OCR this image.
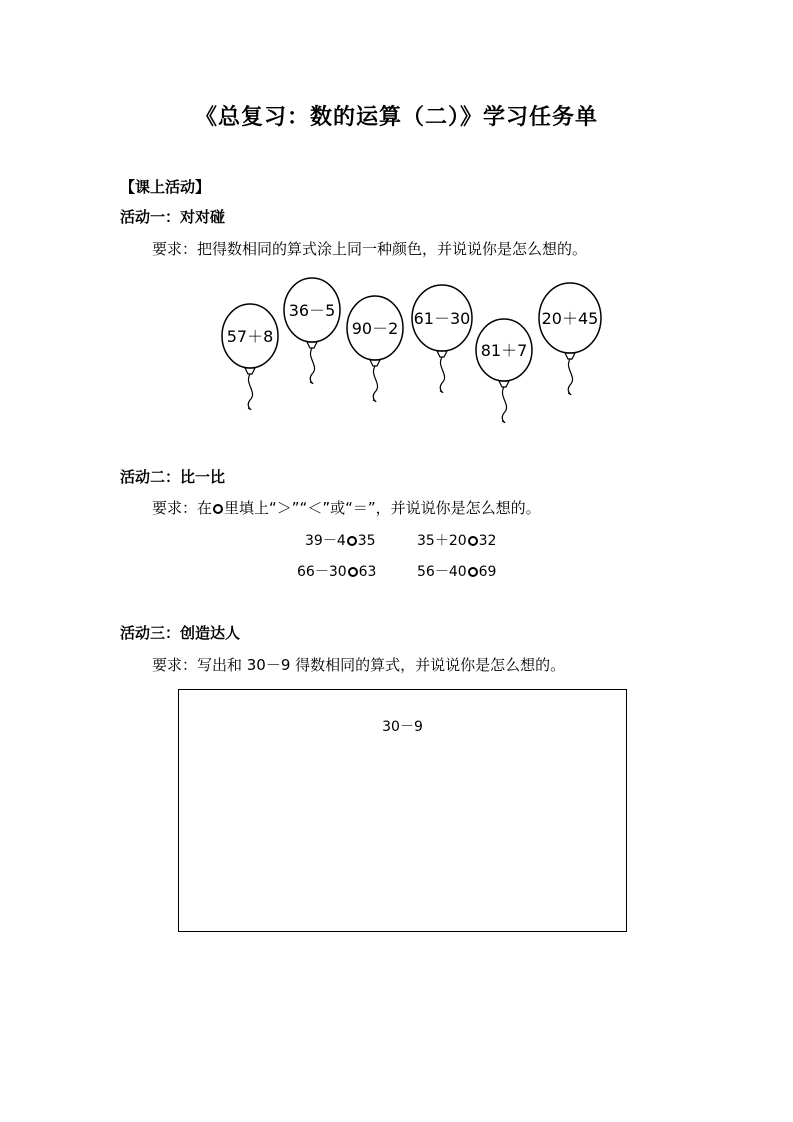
《总复习：数的运算（二）》学习任务单
【课上活动】
活动一：对对碰
要求：把得数相同的算式涂上同一种颜色，并说说你是怎么想的。
57＋8
36－5
90－2
61－30
81＋7
20＋45
活动二：比一比
要求：在 里填上“＞”“＜”或“＝”，并说说你是怎么想的。
39－4 35	35＋20 32
66－30 63	56－40 69
活动三：创造达人
要求：写出和 30－9 得数相同的算式，并说说你是怎么想的。
30－9
